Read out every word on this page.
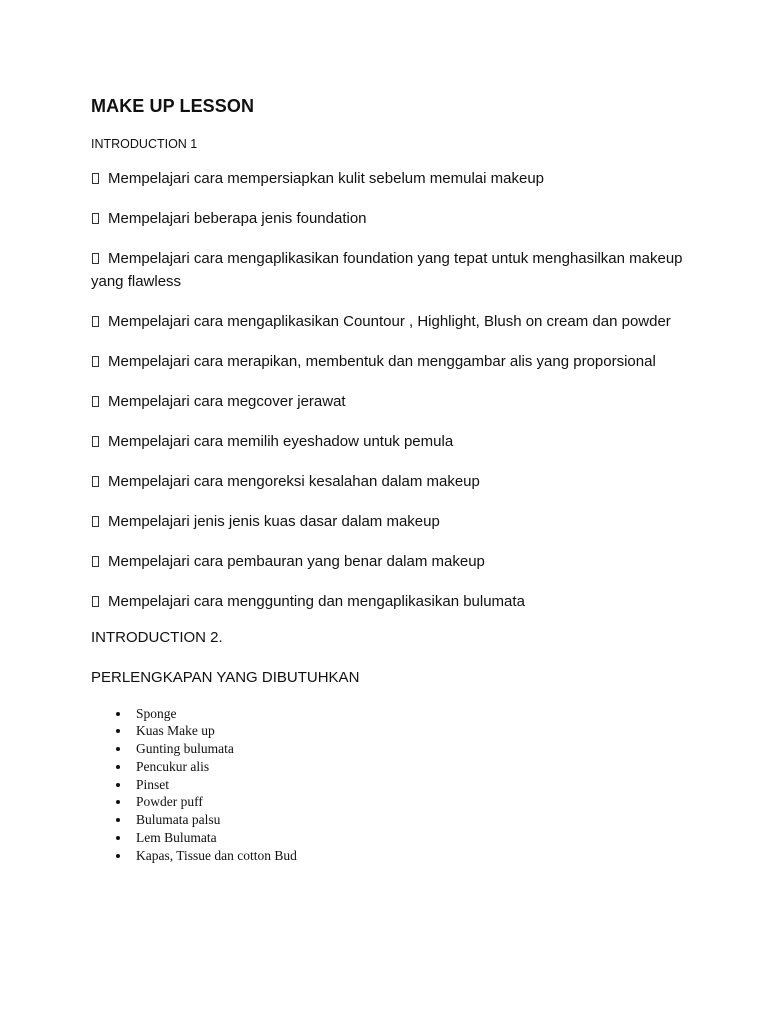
MAKE UP LESSON
INTRODUCTION 1
Mempelajari cara mempersiapkan kulit sebelum memulai makeup
Mempelajari beberapa jenis foundation
Mempelajari cara mengaplikasikan foundation yang tepat untuk menghasilkan makeup yang flawless
Mempelajari cara mengaplikasikan Countour , Highlight, Blush on cream dan powder
Mempelajari cara merapikan, membentuk dan menggambar alis yang proporsional
Mempelajari cara megcover jerawat
Mempelajari cara memilih eyeshadow untuk pemula
Mempelajari cara mengoreksi kesalahan dalam makeup
Mempelajari jenis jenis kuas dasar dalam makeup
Mempelajari cara pembauran yang benar dalam makeup
Mempelajari cara menggunting dan mengaplikasikan bulumata
INTRODUCTION 2.
PERLENGKAPAN YANG DIBUTUHKAN
Sponge
Kuas Make up
Gunting bulumata
Pencukur alis
Pinset
Powder puff
Bulumata palsu
Lem Bulumata
Kapas, Tissue dan cotton Bud
